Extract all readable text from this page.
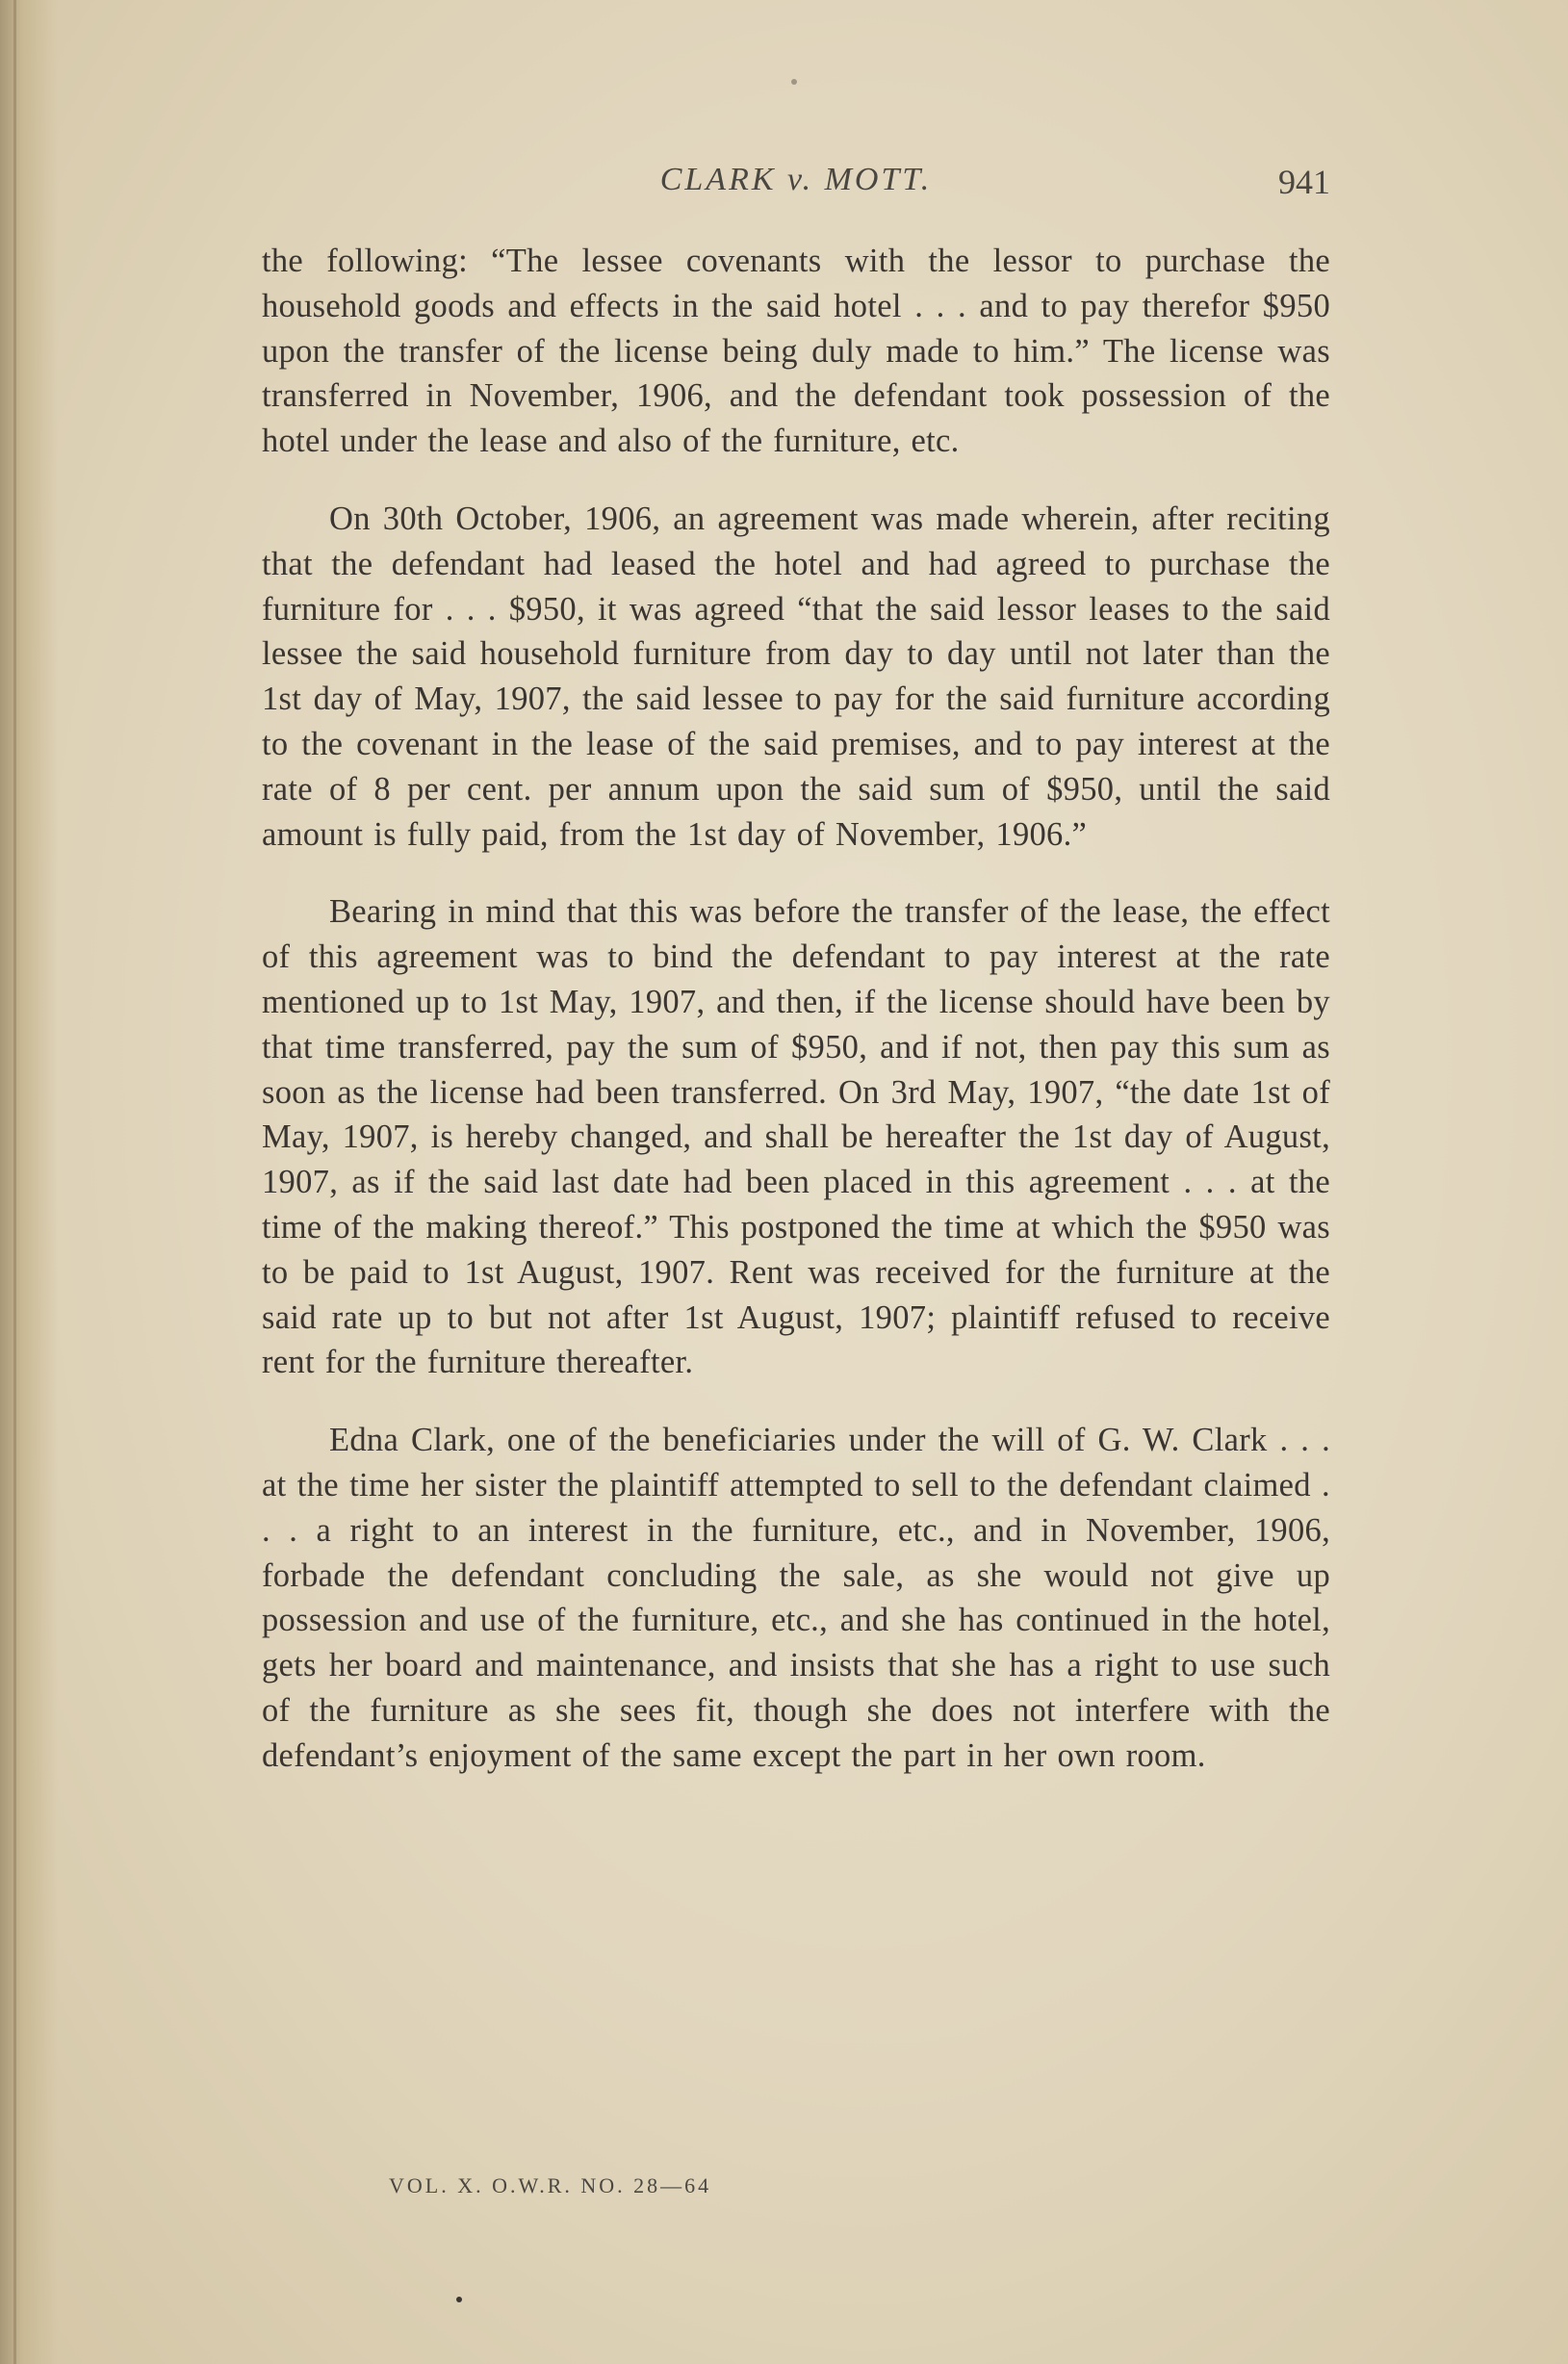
CLARK v. MOTT.	941

the following: “The lessee covenants with the lessor to purchase the household goods and effects in the said hotel . . . and to pay therefor $950 upon the transfer of the license being duly made to him.” The license was transferred in November, 1906, and the defendant took possession of the hotel under the lease and also of the furniture, etc.

On 30th October, 1906, an agreement was made wherein, after reciting that the defendant had leased the hotel and had agreed to purchase the furniture for . . . $950, it was agreed “that the said lessor leases to the said lessee the said household furniture from day to day until not later than the 1st day of May, 1907, the said lessee to pay for the said furniture according to the covenant in the lease of the said premises, and to pay interest at the rate of 8 per cent. per annum upon the said sum of $950, until the said amount is fully paid, from the 1st day of November, 1906.”

Bearing in mind that this was before the transfer of the lease, the effect of this agreement was to bind the defendant to pay interest at the rate mentioned up to 1st May, 1907, and then, if the license should have been by that time transferred, pay the sum of $950, and if not, then pay this sum as soon as the license had been transferred. On 3rd May, 1907, “the date 1st of May, 1907, is hereby changed, and shall be hereafter the 1st day of August, 1907, as if the said last date had been placed in this agreement . . . at the time of the making thereof.” This postponed the time at which the $950 was to be paid to 1st August, 1907. Rent was received for the furniture at the said rate up to but not after 1st August, 1907; plaintiff refused to receive rent for the furniture thereafter.

Edna Clark, one of the beneficiaries under the will of G. W. Clark . . . at the time her sister the plaintiff attempted to sell to the defendant claimed . . . a right to an interest in the furniture, etc., and in November, 1906, forbade the defendant concluding the sale, as she would not give up possession and use of the furniture, etc., and she has continued in the hotel, gets her board and maintenance, and insists that she has a right to use such of the furniture as she sees fit, though she does not interfere with the defendant’s enjoyment of the same except the part in her own room.

VOL. X. O.W.R. NO. 28—64
